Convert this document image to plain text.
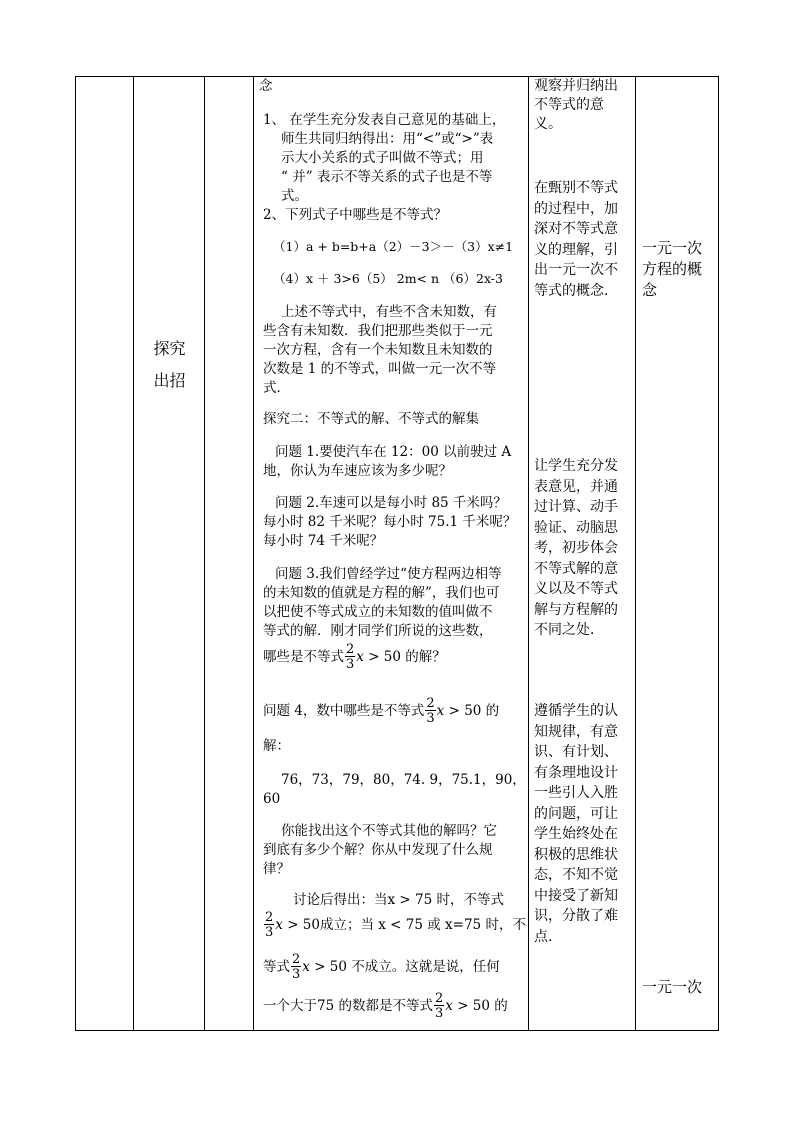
探究
出招

念

1、 在学生充分发表自己意见的基础上，

师生共同归纳得出：用“<”或“>”表

示大小关系的式子叫做不等式；用

“ 并” 表示不等关系的式子也是不等

式。

2、下列式子中哪些是不等式？

（1）a + b=b+a（2）－3＞－（3）x≠1

（4）x ＋ 3>6（5） 2m< n （6）2x-3

上述不等式中，有些不含未知数，有

些含有未知数．我们把那些类似于一元

一次方程，含有一个未知数且未知数的

次数是 1 的不等式，叫做一元一次不等

式．

探究二：不等式的解、不等式的解集

问题 1.要使汽车在 12：00 以前驶过 A

地，你认为车速应该为多少呢？

问题 2.车速可以是每小时 85 千米吗？

每小时 82 千米呢？每小时 75.1 千米呢？

每小时 74 千米呢？

问题 3.我们曾经学过“使方程两边相等

的未知数的值就是方程的解”，我们也可

以把使不等式成立的未知数的值叫做不

等式的解．刚才同学们所说的这些数，

哪些是不等式 $\frac{2}{3}$ x
> 50
的解？
问题 4，数中哪些是不等式 $\frac{2}{3}$ x
> 50
的

解：

76，73，79，80，74. 9，75.1，90，

60

你能找出这个不等式其他的解吗？它

到底有多少个解？你从中发现了什么规

律？

讨论后得出：当x > 75 时，不等式

$\frac{2}{3}$ x
> 50 成立；当 x < 75 或 x=75 时，不
等式 $\frac{2}{3}$ x
> 50
不成立。这就是说，任何
一个大于75 的数都是不等式 $\frac{2}{3}$ x
> 50
的
观察并归纳出
不等式的意
义。
在甄别不等式
的过程中，加
深对不等式意
义的理解，引
出一元一次不
等式的概念．
让学生充分发
表意见，并通
过计算、动手
验证、动脑思
考，初步体会
不等式解的意
义以及不等式
解与方程解的
不同之处．
遵循学生的认
知规律，有意
识、有计划、
有条理地设计
一些引人入胜
的问题，可让
学生始终处在
积极的思维状
态，不知不觉
中接受了新知
识，分散了难
点.
一元一次
方程的概
念
一元一次
